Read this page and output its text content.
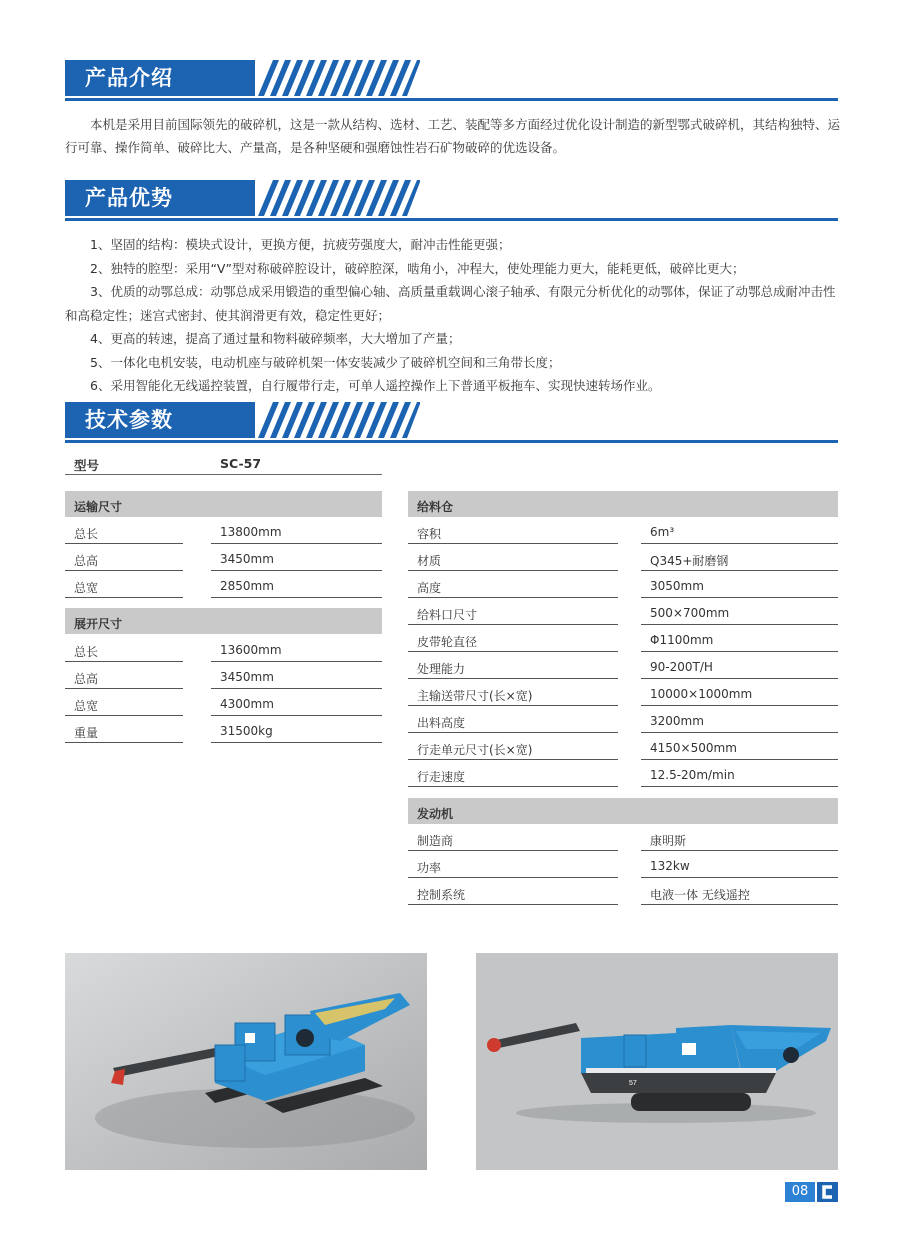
产品介绍

本机是采用目前国际领先的破碎机，这是一款从结构、选材、工艺、装配等多方面经过优化设计制造的新型鄂式破碎机，其结构独特、运行可靠、操作简单、破碎比大、产量高，是各种坚硬和强磨蚀性岩石矿物破碎的优选设备。

产品优势
1、坚固的结构：模块式设计，更换方便，抗疲劳强度大，耐冲击性能更强；
2、独特的腔型：采用“V”型对称破碎腔设计，破碎腔深，啮角小，冲程大，使处理能力更大，能耗更低，破碎比更大；
3、优质的动鄂总成：动鄂总成采用锻造的重型偏心轴、高质量重载调心滚子轴承、有限元分析优化的动鄂体，保证了动鄂总成耐冲击性和高稳定性；迷宫式密封、使其润滑更有效，稳定性更好；
4、更高的转速，提高了通过量和物料破碎频率，大大增加了产量；
5、一体化电机安装，电动机座与破碎机架一体安装减少了破碎机空间和三角带长度；
6、采用智能化无线遥控装置，自行履带行走，可单人遥控操作上下普通平板拖车、实现快速转场作业。
技术参数
型号	SC-57
运输尺寸
总长	13800mm
总高	3450mm
总宽	2850mm
展开尺寸
总长	13600mm
总高	3450mm
总宽	4300mm
重量	31500kg
给料仓
容积	6m³
材质	Q345+耐磨钢
高度	3050mm
给料口尺寸	500×700mm
皮带轮直径	Φ1100mm
处理能力	90-200T/H
主输送带尺寸(长×宽)	10000×1000mm
出料高度	3200mm
行走单元尺寸(长×宽)	4150×500mm
行走速度	12.5-20m/min
发动机
制造商	康明斯
功率	132kw
控制系统	电液一体 无线遥控
57
08
